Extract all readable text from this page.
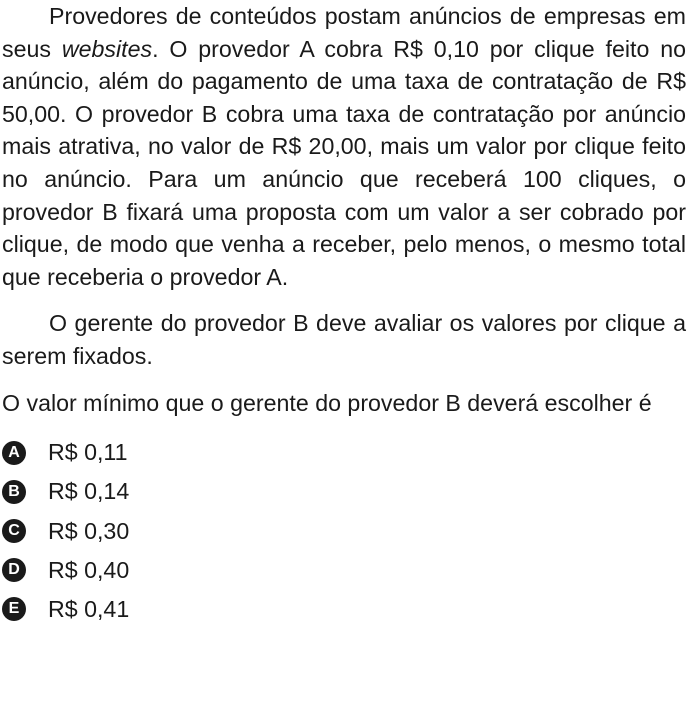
Provedores de conteúdos postam anúncios de empresas em seus websites. O provedor A cobra R$ 0,10 por clique feito no anúncio, além do pagamento de uma taxa de contratação de R$ 50,00. O provedor B cobra uma taxa de contratação por anúncio mais atrativa, no valor de R$ 20,00, mais um valor por clique feito no anúncio. Para um anúncio que receberá 100 cliques, o provedor B fixará uma proposta com um valor a ser cobrado por clique, de modo que venha a receber, pelo menos, o mesmo total que receberia o provedor A.

O gerente do provedor B deve avaliar os valores por clique a serem fixados.

O valor mínimo que o gerente do provedor B deverá escolher é

A R$ 0,11
B R$ 0,14
C R$ 0,30
D R$ 0,40
E R$ 0,41
